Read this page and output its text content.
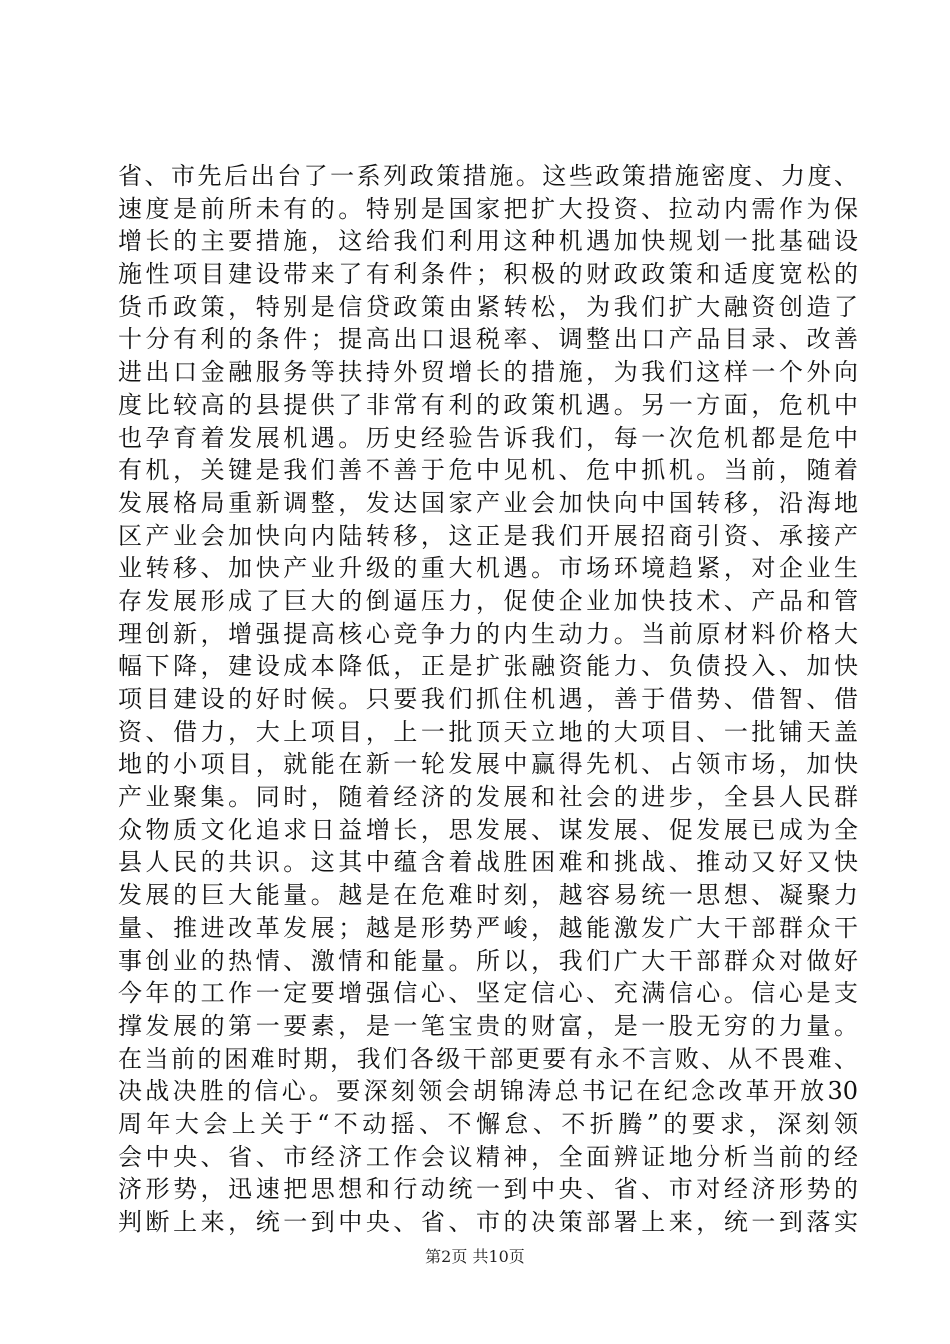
省、市先后出台了一系列政策措施。这些政策措施密度、力度、
速度是前所未有的。特别是国家把扩大投资、拉动内需作为保
增长的主要措施，这给我们利用这种机遇加快规划一批基础设
施性项目建设带来了有利条件；积极的财政政策和适度宽松的
货币政策，特别是信贷政策由紧转松，为我们扩大融资创造了
十分有利的条件；提高出口退税率、调整出口产品目录、改善
进出口金融服务等扶持外贸增长的措施，为我们这样一个外向
度比较高的县提供了非常有利的政策机遇。另一方面，危机中
也孕育着发展机遇。历史经验告诉我们，每一次危机都是危中
有机，关键是我们善不善于危中见机、危中抓机。当前，随着
发展格局重新调整，发达国家产业会加快向中国转移，沿海地
区产业会加快向内陆转移，这正是我们开展招商引资、承接产
业转移、加快产业升级的重大机遇。市场环境趋紧，对企业生
存发展形成了巨大的倒逼压力，促使企业加快技术、产品和管
理创新，增强提高核心竞争力的内生动力。当前原材料价格大
幅下降，建设成本降低，正是扩张融资能力、负债投入、加快
项目建设的好时候。只要我们抓住机遇，善于借势、借智、借
资、借力，大上项目，上一批顶天立地的大项目、一批铺天盖
地的小项目，就能在新一轮发展中赢得先机、占领市场，加快
产业聚集。同时，随着经济的发展和社会的进步，全县人民群
众物质文化追求日益增长，思发展、谋发展、促发展已成为全
县人民的共识。这其中蕴含着战胜困难和挑战、推动又好又快
发展的巨大能量。越是在危难时刻，越容易统一思想、凝聚力
量、推进改革发展；越是形势严峻，越能激发广大干部群众干
事创业的热情、激情和能量。所以，我们广大干部群众对做好
今年的工作一定要增强信心、坚定信心、充满信心。信心是支
撑发展的第一要素，是一笔宝贵的财富，是一股无穷的力量。
在当前的困难时期，我们各级干部更要有永不言败、从不畏难、
决战决胜的信心。要深刻领会胡锦涛总书记在纪念改革开放30
周年大会上关于“不动摇、不懈怠、不折腾”的要求，深刻领
会中央、省、市经济工作会议精神，全面辨证地分析当前的经
济形势，迅速把思想和行动统一到中央、省、市对经济形势的
判断上来，统一到中央、省、市的决策部署上来，统一到落实
第2页 共10页
